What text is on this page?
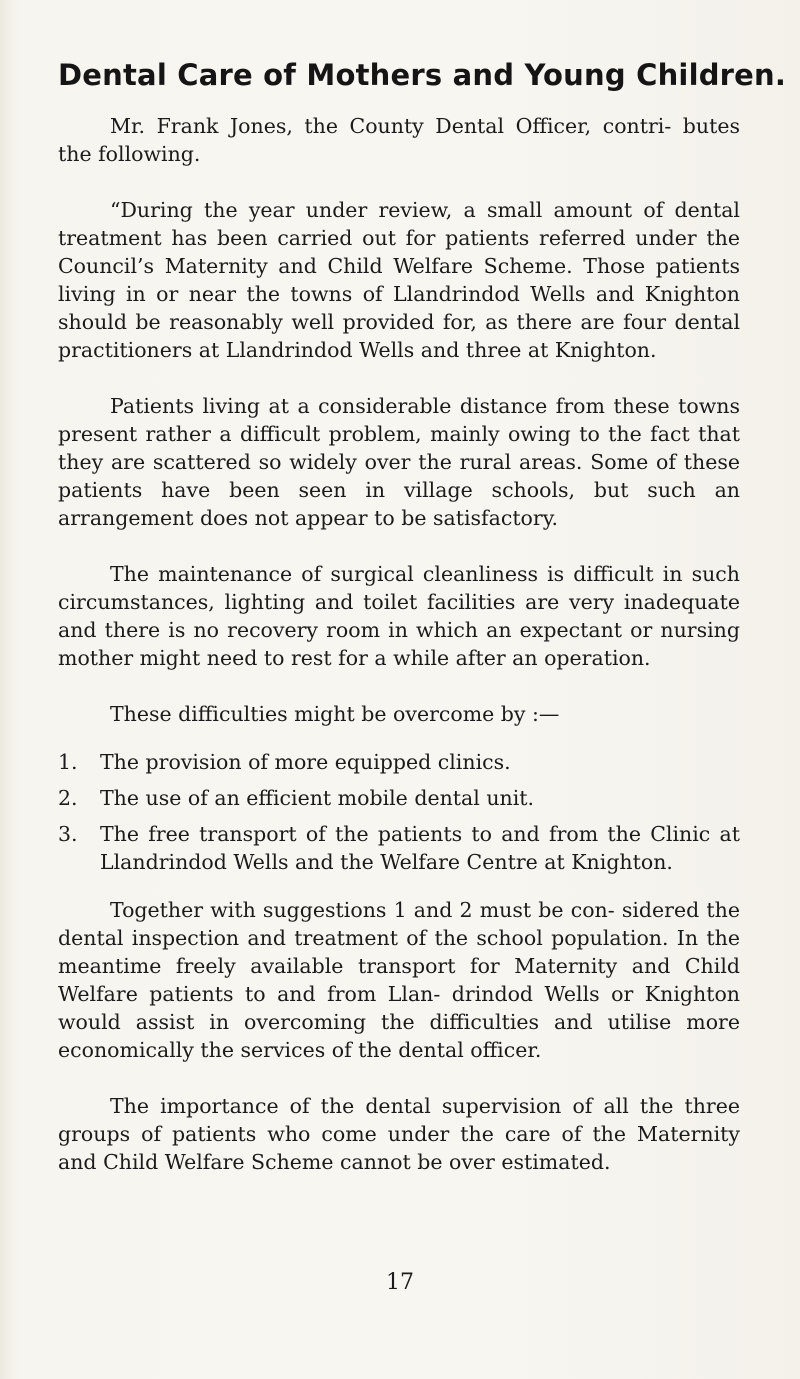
Dental Care of Mothers and Young Children.

Mr. Frank Jones, the County Dental Officer, contri- butes the following.

“During the year under review, a small amount of dental treatment has been carried out for patients referred under the Council’s Maternity and Child Welfare Scheme. Those patients living in or near the towns of Llandrindod Wells and Knighton should be reasonably well provided for, as there are four dental practitioners at Llandrindod Wells and three at Knighton.

Patients living at a considerable distance from these towns present rather a difficult problem, mainly owing to the fact that they are scattered so widely over the rural areas. Some of these patients have been seen in village schools, but such an arrangement does not appear to be satisfactory.

The maintenance of surgical cleanliness is difficult in such circumstances, lighting and toilet facilities are very inadequate and there is no recovery room in which an expectant or nursing mother might need to rest for a while after an operation.

These difficulties might be overcome by :—

1.	The provision of more equipped clinics.
2.	The use of an efficient mobile dental unit.
3.	The free transport of the patients to and from the Clinic at Llandrindod Wells and the Welfare Centre at Knighton.

Together with suggestions 1 and 2 must be con- sidered the dental inspection and treatment of the school population. In the meantime freely available transport for Maternity and Child Welfare patients to and from Llan- drindod Wells or Knighton would assist in overcoming the difficulties and utilise more economically the services of the dental officer.

The importance of the dental supervision of all the three groups of patients who come under the care of the Maternity and Child Welfare Scheme cannot be over estimated.

17
